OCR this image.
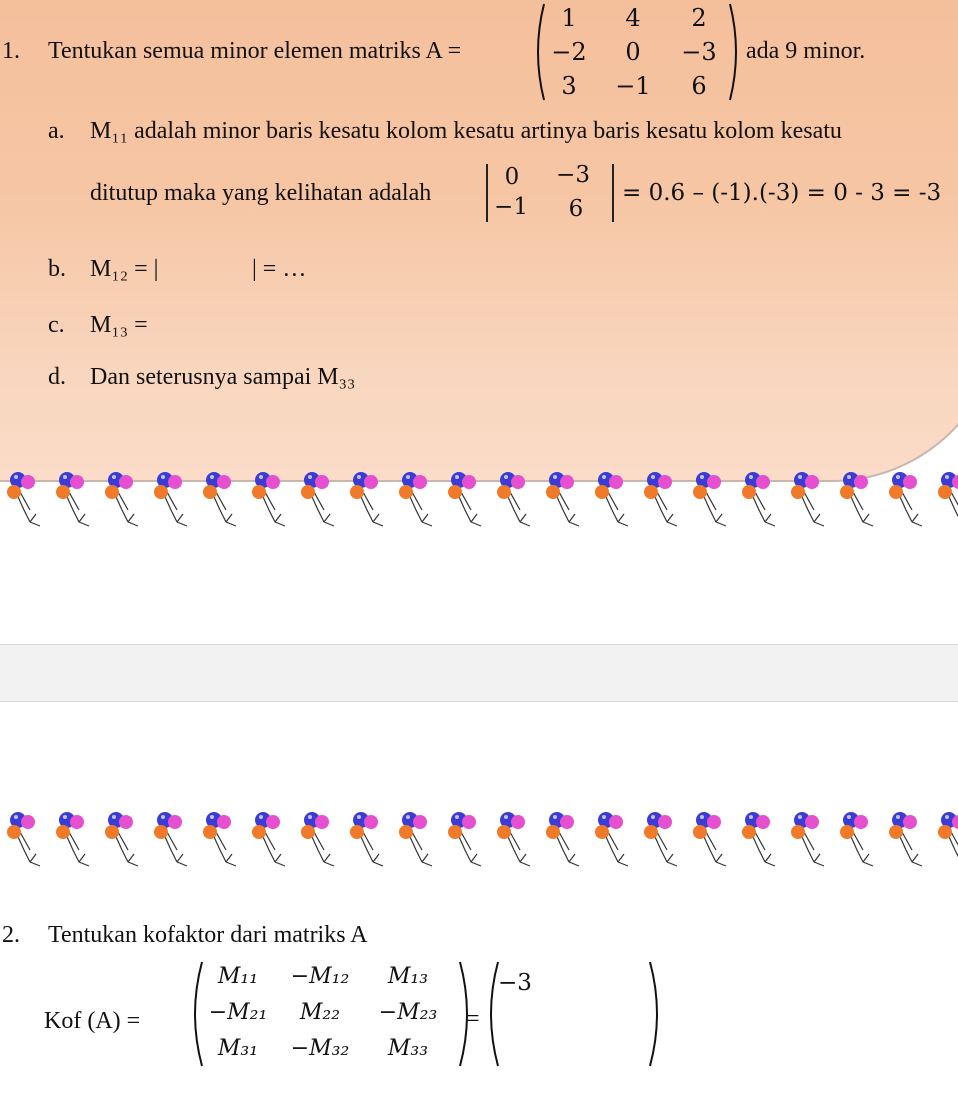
1. Tentukan semua minor elemen matriks A =
1	4	2
−2	0	−3
3	−1	6
ada 9 minor.
a. M₁₁ adalah minor baris kesatu kolom kesatu artinya baris kesatu kolom kesatu
ditutup maka yang kelihatan adalah
0	−3
−1	6
= 0.6 – (-1).(-3) = 0 - 3 = -3
b. M₁₂ = |	| = …
c. M₁₃ =
d. Dan seterusnya sampai M₃₃
2. Tentukan kofaktor dari matriks A
Kof (A) =
M₁₁	−M₁₂	M₁₃
−M₂₁	M₂₂	−M₂₃
M₃₁	−M₃₂	M₃₃
=
−3
